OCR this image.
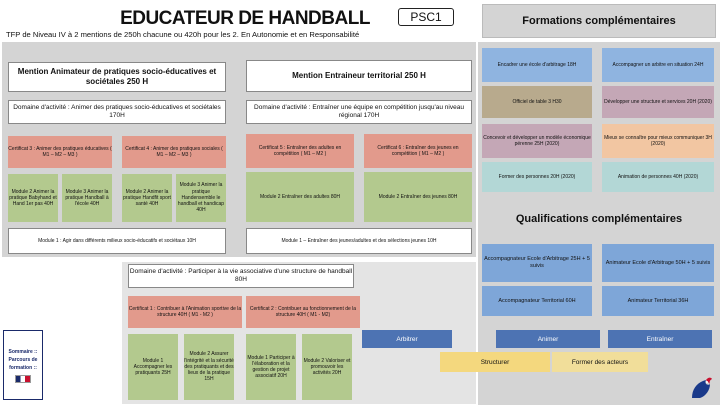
EDUCATEUR DE HANDBALL	PSC1
TFP de Niveau IV à 2 mentions de 250h chacune ou 420h pour les 2. En Autonomie et en Responsabilité
Mention Animateur de pratiques socio-éducatives et sociétales 250 H
Domaine d'activité : Animer des pratiques socio-éducatives et sociétales 170H
Certificat 3 : Animer des pratiques éducatives ( M1 – M2 – M3 )
Certificat 4 : Animer des pratiques sociales ( M1 – M2 – M3 )
Module 2 Animer la pratique Babyhand et Hand 1er pas 40H
Module 3 Animer la pratique Handball à l'école 40H
Module 2 Animer la pratique Handfit sport santé 40H
Module 3 Animer la pratique Handensemble le handball et handicap 40H
Module 1 : Agir dans différents milieux socio-éducatifs et sociétaux 10H
Mention Entraineur territorial 250 H
Domaine d'activité : Entraîner une équipe en compétition jusqu'au niveau régional 170H
Certificat 5 : Entraîner des adultes en compétition ( M1 – M2 )
Certificat 6 : Entraîner des jeunes en compétition ( M1 – M2 )
Module 2 Entraîner des adultes 80H	Module 2 Entraîner des jeunes 80H
Module 1 – Entraîner des jeunes/adultes et des sélections jeunes 10H
Domaine d'activité : Participer à la vie associative d'une structure de handball 80H
Certificat 1 : Contribuer à l'Animation sportive de la structure 40H ( M1 - M2 )
Certificat 2 : Contribuer au fonctionnement de la structure 40H ( M1 - M2)
Module 1 Accompagner les pratiquants 25H
Module 2 Assurer l'intégrité et la sécurité des pratiquants et des lieux de la pratique 15H
Module 1 Participer à l'élaboration et la gestion de projet associatif 20H
Module 2 Valoriser et promouvoir les activités 20H
Sommaire :: Parcours de formation ::
Formations complémentaires
Encadrer une école d'arbitrage 18H	Accompagner un arbitre en situation 24H
Officiel de table 3 H30	Développer une structure et services 20H (2020)
Concevoir et développer un modèle économique pérenne 25H (2020)
Mieux se connaître pour mieux communiquer 3H (2020)
Former des personnes 20H (2020)	Animation de personnes 40H (2020)
Qualifications complémentaires
Accompagnateur Ecole d'Arbitrage 25H + 5 suivis
Animateur Ecole d'Arbitrage 50H + 5 suivis
Accompagnateur Territorial 60H	Animateur Territorial 36H
Arbitrer	Animer	Entraîner
Structurer	Former des acteurs
